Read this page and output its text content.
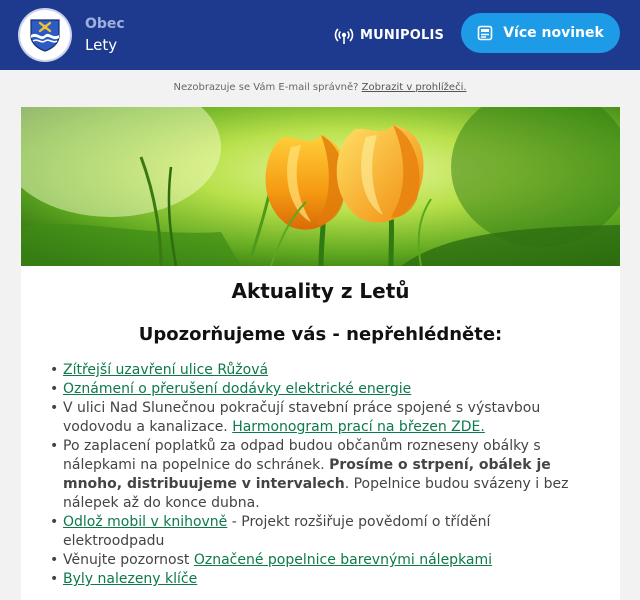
Obec
Lety
MUNIPOLIS	Více novinek
Nezobrazuje se Vám E-mail správně? Zobrazit v prohlížeči.
Aktuality z Letů
Upozorňujeme vás - nepřehlédněte:
• Zítřejší uzavření ulice Růžová
• Oznámení o přerušení dodávky elektrické energie
• V ulici Nad Slunečnou pokračují stavební práce spojené s výstavbou vodovodu a kanalizace. Harmonogram prací na březen ZDE.
• Po zaplacení poplatků za odpad budou občanům rozneseny obálky s nálepkami na popelnice do schránek. Prosíme o strpení, obálek je mnoho, distribuujeme v intervalech. Popelnice budou svázeny i bez nálepek až do konce dubna.
• Odlož mobil v knihovně - Projekt rozšiřuje povědomí o třídění elektroodpadu
• Věnujte pozornost Označené popelnice barevnými nálepkami
• Byly nalezeny klíče
